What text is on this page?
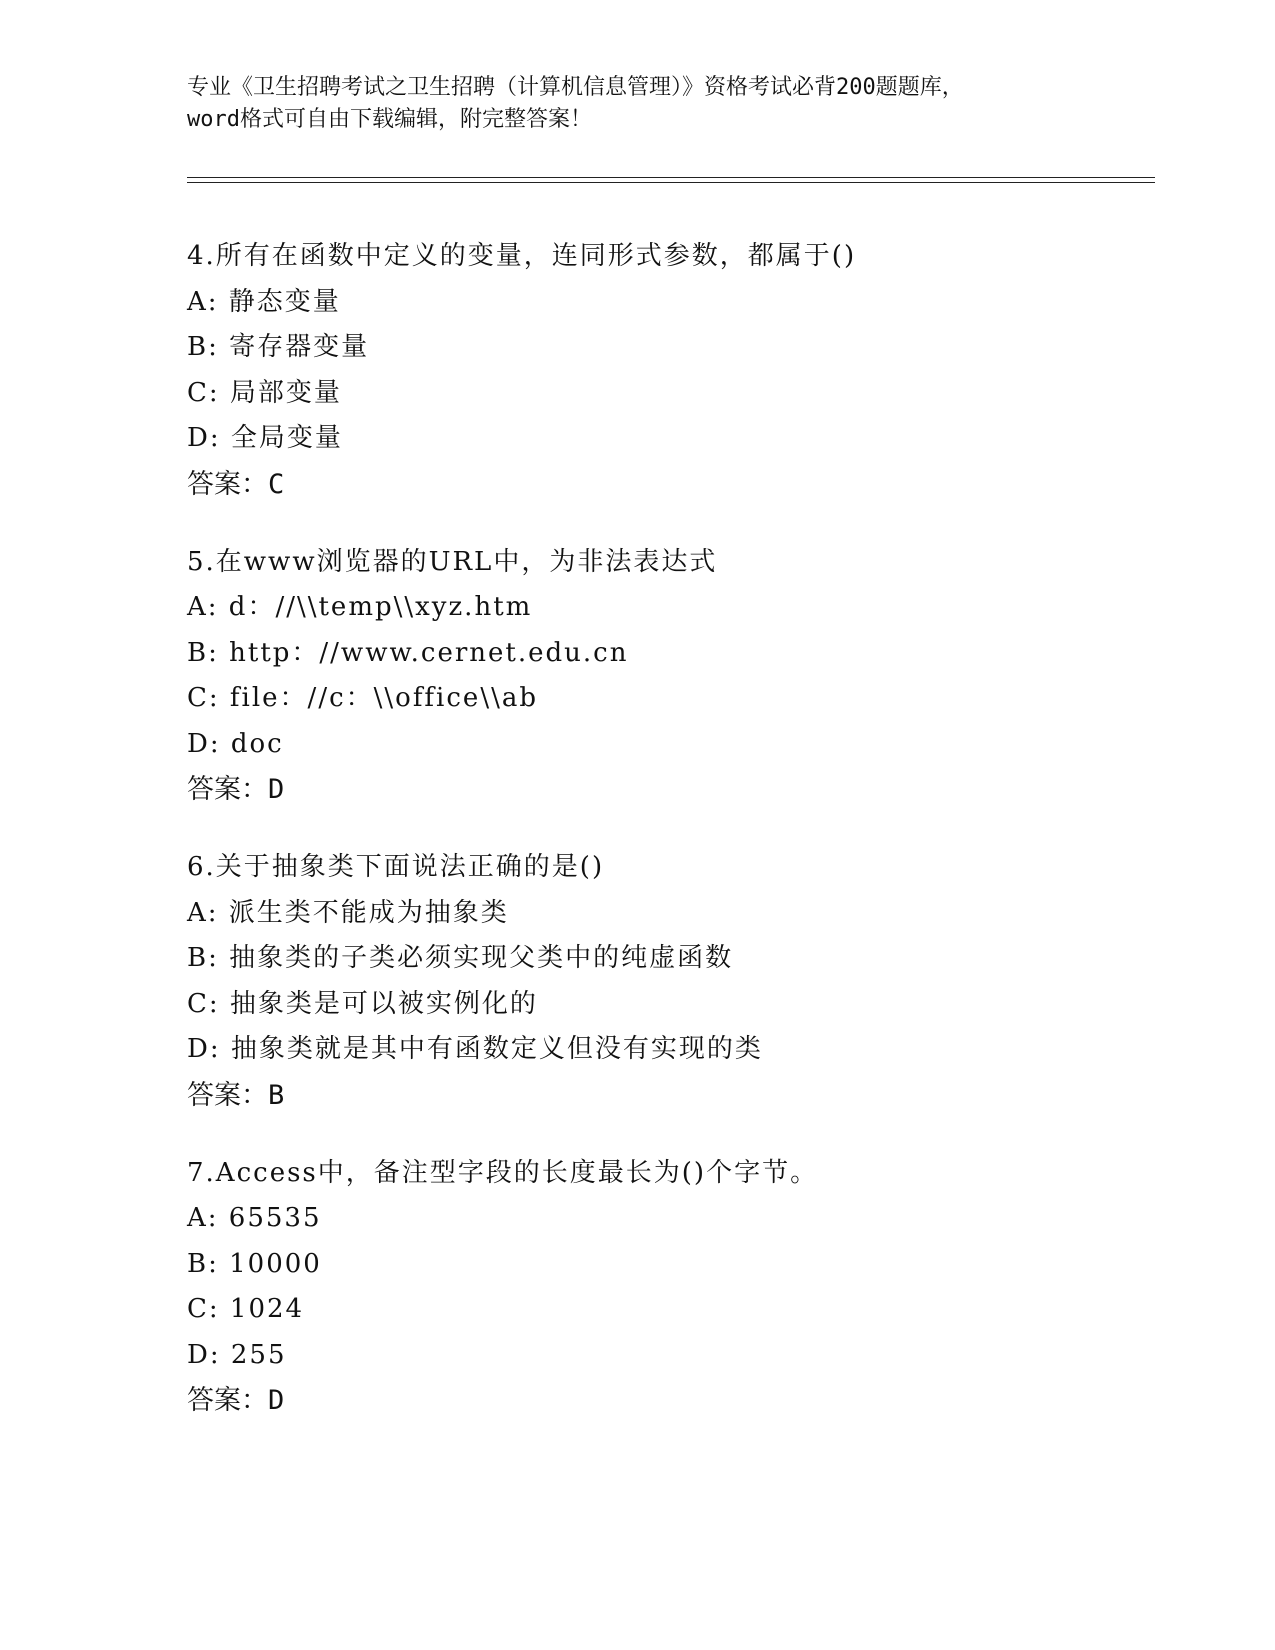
专业《卫生招聘考试之卫生招聘（计算机信息管理）》资格考试必背200题题库，
word格式可自由下载编辑，附完整答案！
4.所有在函数中定义的变量，连同形式参数，都属于()
A: 静态变量
B: 寄存器变量
C: 局部变量
D: 全局变量
答案：C
5.在www浏览器的URL中，为非法表达式
A: d：//\\temp\\xyz.htm
B: http：//www.cernet.edu.cn
C: file：//c：\\office\\ab
D: doc
答案：D
6.关于抽象类下面说法正确的是()
A: 派生类不能成为抽象类
B: 抽象类的子类必须实现父类中的纯虚函数
C: 抽象类是可以被实例化的
D: 抽象类就是其中有函数定义但没有实现的类
答案：B
7.Access中，备注型字段的长度最长为()个字节。
A: 65535
B: 10000
C: 1024
D: 255
答案：D
